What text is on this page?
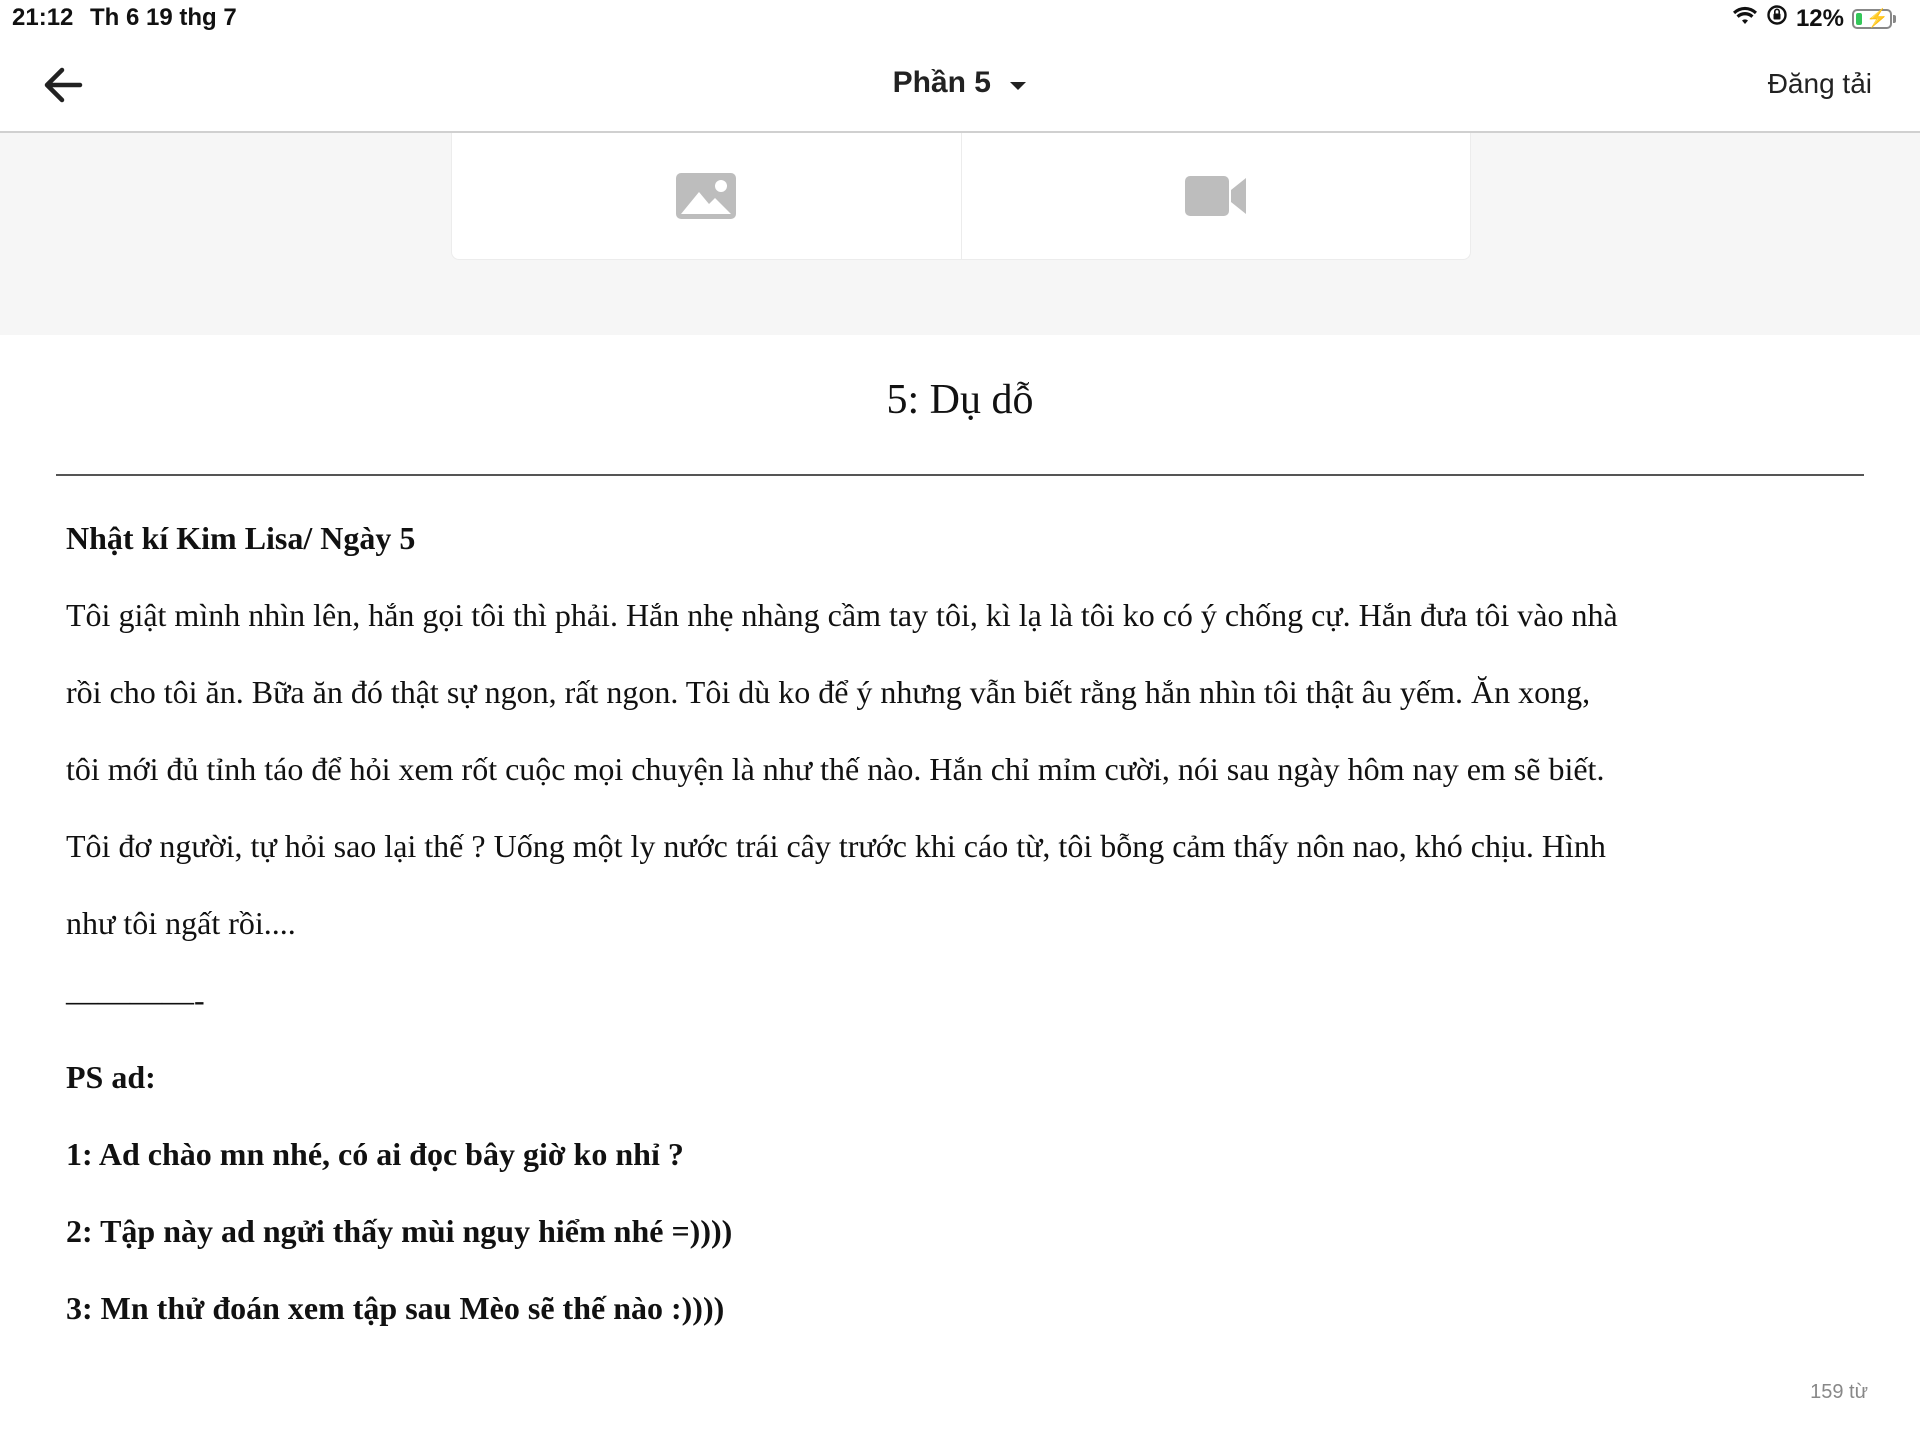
21:12 Th 6 19 thg 7	12% ⚡
Phần 5	Đăng tải
5: Dụ dỗ

Nhật kí Kim Lisa/ Ngày 5

Tôi giật mình nhìn lên, hắn gọi tôi thì phải. Hắn nhẹ nhàng cầm tay tôi, kì lạ là tôi ko có ý chống cự. Hắn đưa tôi vào nhà

rồi cho tôi ăn. Bữa ăn đó thật sự ngon, rất ngon. Tôi dù ko để ý nhưng vẫn biết rằng hắn nhìn tôi thật âu yếm. Ăn xong,

tôi mới đủ tỉnh táo để hỏi xem rốt cuộc mọi chuyện là như thế nào. Hắn chỉ mỉm cười, nói sau ngày hôm nay em sẽ biết.

Tôi đơ người, tự hỏi sao lại thế ? Uống một ly nước trái cây trước khi cáo từ, tôi bỗng cảm thấy nôn nao, khó chịu. Hình

như tôi ngất rồi....

————-

PS ad:

1: Ad chào mn nhé, có ai đọc bây giờ ko nhỉ ?

2: Tập này ad ngửi thấy mùi nguy hiểm nhé =))))

3: Mn thử đoán xem tập sau Mèo sẽ thế nào :))))

159 từ
